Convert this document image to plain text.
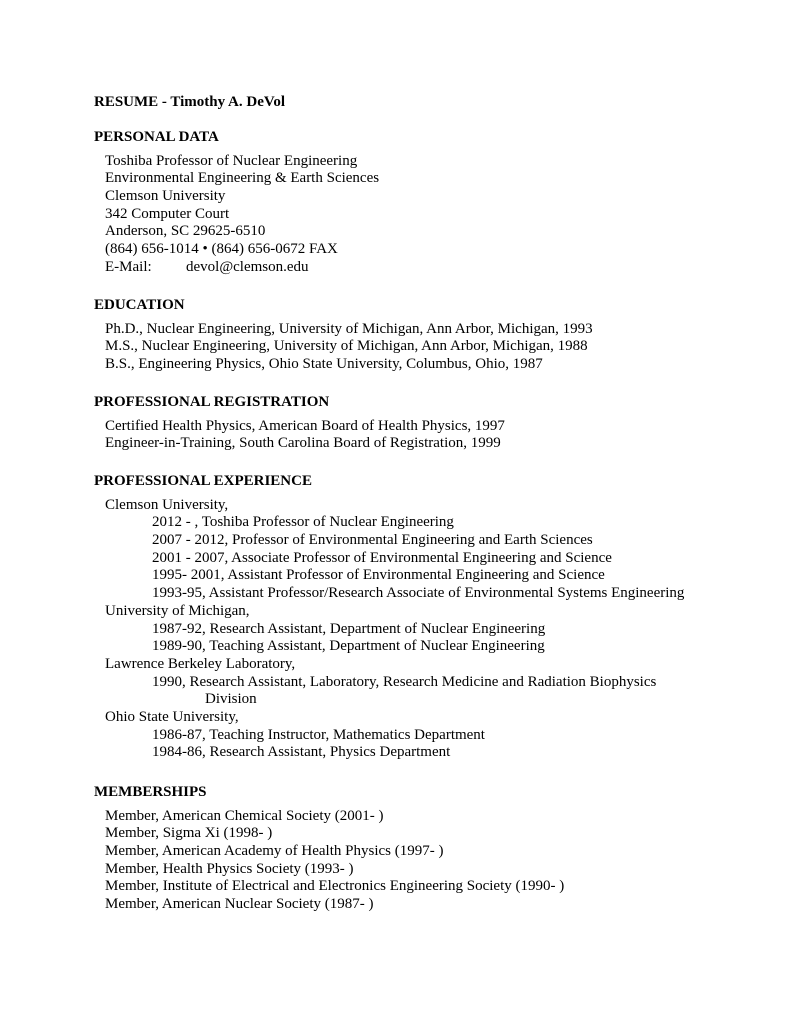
RESUME - Timothy A. DeVol
PERSONAL DATA
Toshiba Professor of Nuclear Engineering
Environmental Engineering & Earth Sciences
Clemson University
342 Computer Court
Anderson, SC 29625-6510
(864) 656-1014 • (864) 656-0672 FAX
E-Mail: devol@clemson.edu
EDUCATION
Ph.D., Nuclear Engineering, University of Michigan, Ann Arbor, Michigan, 1993
M.S., Nuclear Engineering, University of Michigan, Ann Arbor, Michigan, 1988
B.S., Engineering Physics, Ohio State University, Columbus, Ohio, 1987
PROFESSIONAL REGISTRATION
Certified Health Physics, American Board of Health Physics, 1997
Engineer-in-Training, South Carolina Board of Registration, 1999
PROFESSIONAL EXPERIENCE
Clemson University,
2012 - , Toshiba Professor of Nuclear Engineering
2007 - 2012, Professor of Environmental Engineering and Earth Sciences
2001 - 2007, Associate Professor of Environmental Engineering and Science
1995- 2001, Assistant Professor of Environmental Engineering and Science
1993-95, Assistant Professor/Research Associate of Environmental Systems Engineering
University of Michigan,
1987-92, Research Assistant, Department of Nuclear Engineering
1989-90, Teaching Assistant, Department of Nuclear Engineering
Lawrence Berkeley Laboratory,
1990, Research Assistant, Laboratory, Research Medicine and Radiation Biophysics
Division
Ohio State University,
1986-87, Teaching Instructor, Mathematics Department
1984-86, Research Assistant, Physics Department
MEMBERSHIPS
Member, American Chemical Society (2001- )
Member, Sigma Xi (1998- )
Member, American Academy of Health Physics (1997- )
Member, Health Physics Society (1993- )
Member, Institute of Electrical and Electronics Engineering Society (1990- )
Member, American Nuclear Society (1987- )
